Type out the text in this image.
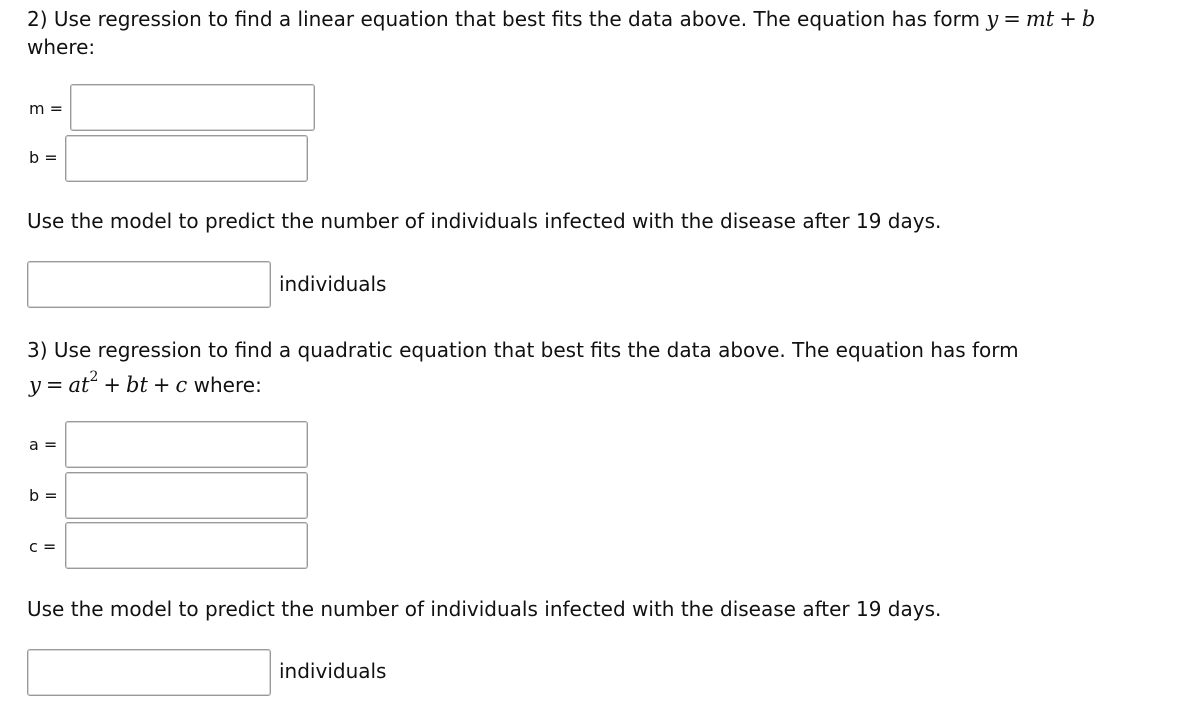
2) Use regression to find a linear equation that best fits the data above. The equation has form y = mt + b
where:
m =
b =
Use the model to predict the number of individuals infected with the disease after 19 days.
individuals
3) Use regression to find a quadratic equation that best fits the data above. The equation has form
$y = at^2$ + bt + c where:
a =
b =
c =
Use the model to predict the number of individuals infected with the disease after 19 days.
individuals
